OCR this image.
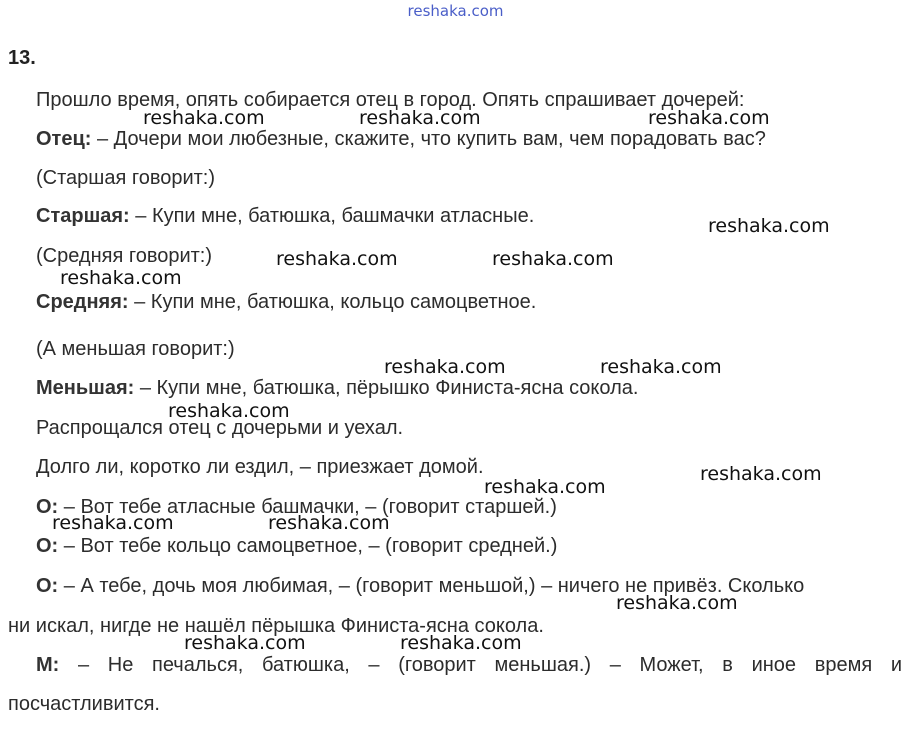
reshaka.com
13.
Прошло время, опять собирается отец в город. Опять спрашивает дочерей:
Отец: – Дочери мои любезные, скажите, что купить вам, чем порадовать вас?
(Старшая говорит:)
Старшая: – Купи мне, батюшка, башмачки атласные.
(Средняя говорит:)
Средняя: – Купи мне, батюшка, кольцо самоцветное.
(А меньшая говорит:)
Меньшая: – Купи мне, батюшка, пёрышко Финиста-ясна сокола.
Распрощался отец с дочерьми и уехал.
Долго ли, коротко ли ездил, – приезжает домой.
О: – Вот тебе атласные башмачки, – (говорит старшей.)
О: – Вот тебе кольцо самоцветное, – (говорит средней.)
О: – А тебе, дочь моя любимая, – (говорит меньшой,) – ничего не привёз. Сколько
ни искал, нигде не нашёл пёрышка Финиста-ясна сокола.
М: – Не печалься, батюшка, – (говорит меньшая.) – Может, в иное время и
посчастливится.
reshaka.com	reshaka.com	reshaka.com
reshaka.com
reshaka.com	reshaka.com
reshaka.com
reshaka.com	reshaka.com
reshaka.com
reshaka.com
reshaka.com
reshaka.com	reshaka.com
reshaka.com
reshaka.com	reshaka.com
